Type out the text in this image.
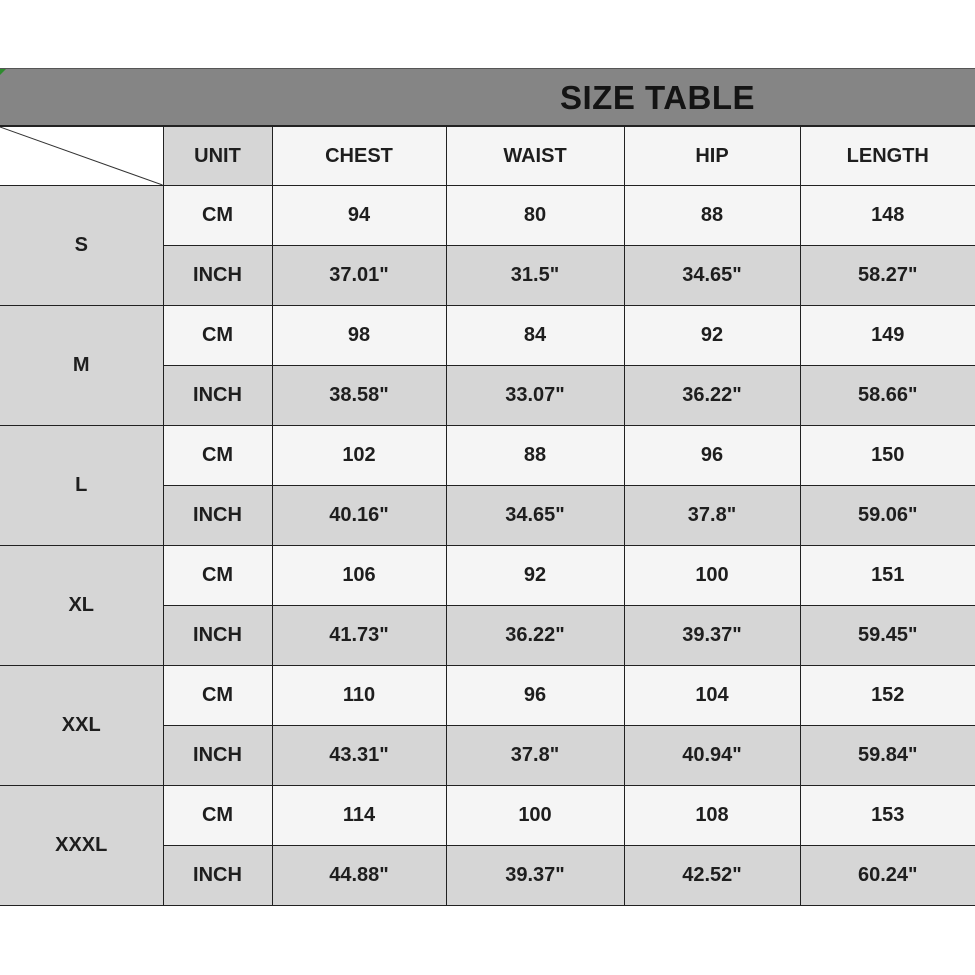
SIZE TABLE
	UNIT	CHEST	WAIST	HIP	LENGTH
S	CM	94	80	88	148
	INCH	37.01"	31.5"	34.65"	58.27"
M	CM	98	84	92	149
	INCH	38.58"	33.07"	36.22"	58.66"
L	CM	102	88	96	150
	INCH	40.16"	34.65"	37.8"	59.06"
XL	CM	106	92	100	151
	INCH	41.73"	36.22"	39.37"	59.45"
XXL	CM	110	96	104	152
	INCH	43.31"	37.8"	40.94"	59.84"
XXXL	CM	114	100	108	153
	INCH	44.88"	39.37"	42.52"	60.24"
